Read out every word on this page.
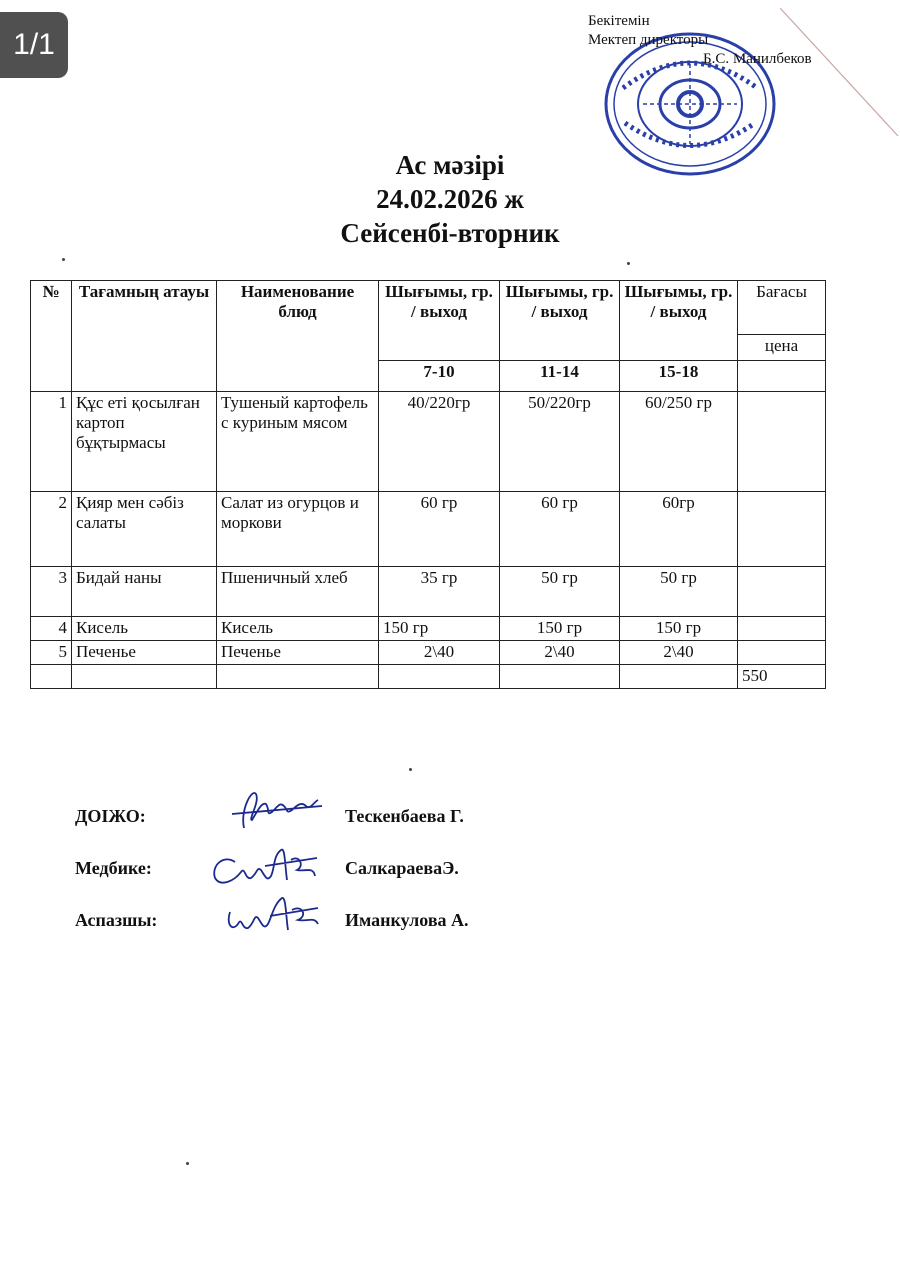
1/1
Бекітемін
Мектеп директоры
Б.С. Манилбеков
Ас мәзірі
24.02.2026 ж
Сейсенбі-вторник
№	Тағамның атауы	Наименование блюд	Шығымы, гр. / выход	Шығымы, гр. / выход	Шығымы, гр. / выход	Бағасы
						цена
			7-10	11-14	15-18	
1	Құс еті қосылған картоп бұқтырмасы	Тушеный картофель с куриным мясом	40/220гр	50/220гр	60/250 гр	
2	Қияр мен сәбіз салаты	Салат из огурцов и моркови	60 гр	60 гр	60гр	
3	Бидай наны	Пшеничный хлеб	35 гр	50 гр	50 гр	
4	Кисель	Кисель	150 гр	150 гр	150 гр	
5	Печенье	Печенье	2\40	2\40	2\40	
						550
ДОІЖО:	Тескенбаева Г.
Медбике:	СалкараеваЭ.
Аспазшы:	Иманкулова А.
